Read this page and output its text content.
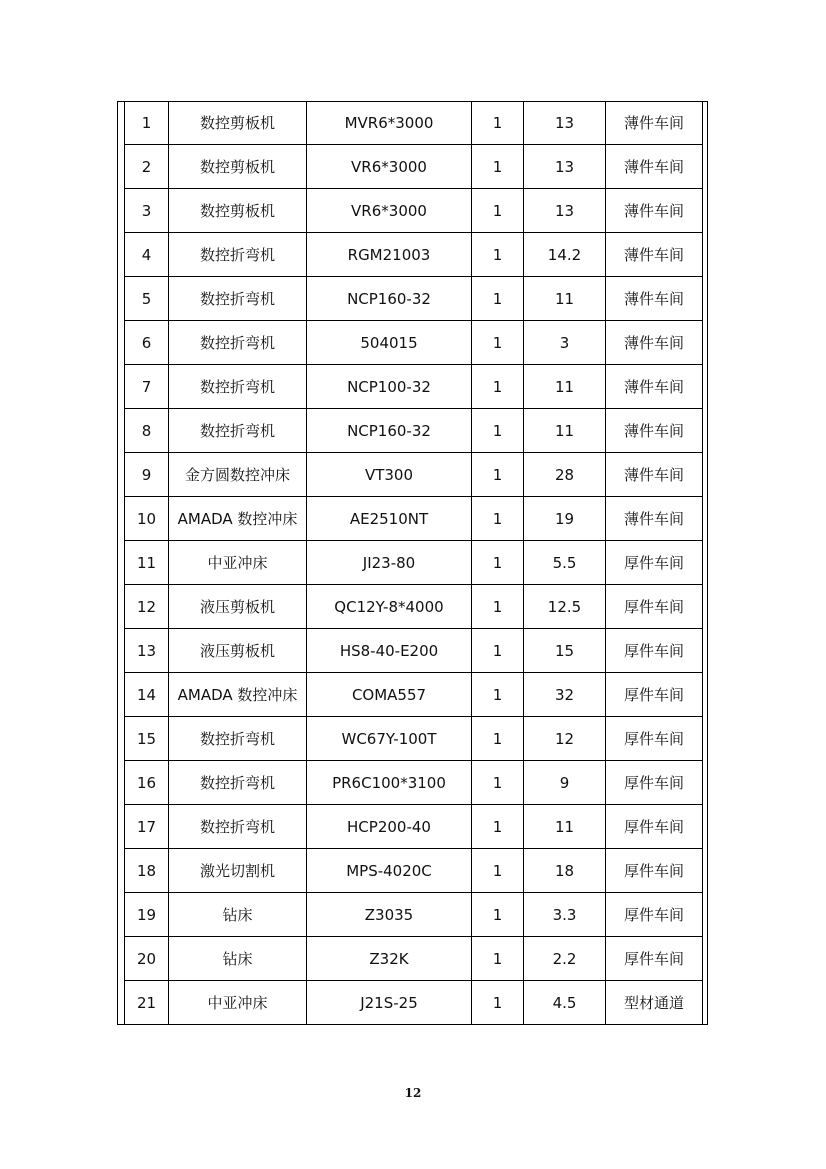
1	数控剪板机	MVR6*3000	1	13	薄件车间
2	数控剪板机	VR6*3000	1	13	薄件车间
3	数控剪板机	VR6*3000	1	13	薄件车间
4	数控折弯机	RGM21003	1	14.2	薄件车间
5	数控折弯机	NCP160-32	1	11	薄件车间
6	数控折弯机	504015	1	3	薄件车间
7	数控折弯机	NCP100-32	1	11	薄件车间
8	数控折弯机	NCP160-32	1	11	薄件车间
9	金方圆数控冲床	VT300	1	28	薄件车间
10	AMADA 数控冲床	AE2510NT	1	19	薄件车间
11	中亚冲床	JI23-80	1	5.5	厚件车间
12	液压剪板机	QC12Y-8*4000	1	12.5	厚件车间
13	液压剪板机	HS8-40-E200	1	15	厚件车间
14	AMADA 数控冲床	COMA557	1	32	厚件车间
15	数控折弯机	WC67Y-100T	1	12	厚件车间
16	数控折弯机	PR6C100*3100	1	9	厚件车间
17	数控折弯机	HCP200-40	1	11	厚件车间
18	激光切割机	MPS-4020C	1	18	厚件车间
19	钻床	Z3035	1	3.3	厚件车间
20	钻床	Z32K	1	2.2	厚件车间
21	中亚冲床	J21S-25	1	4.5	型材通道
12
